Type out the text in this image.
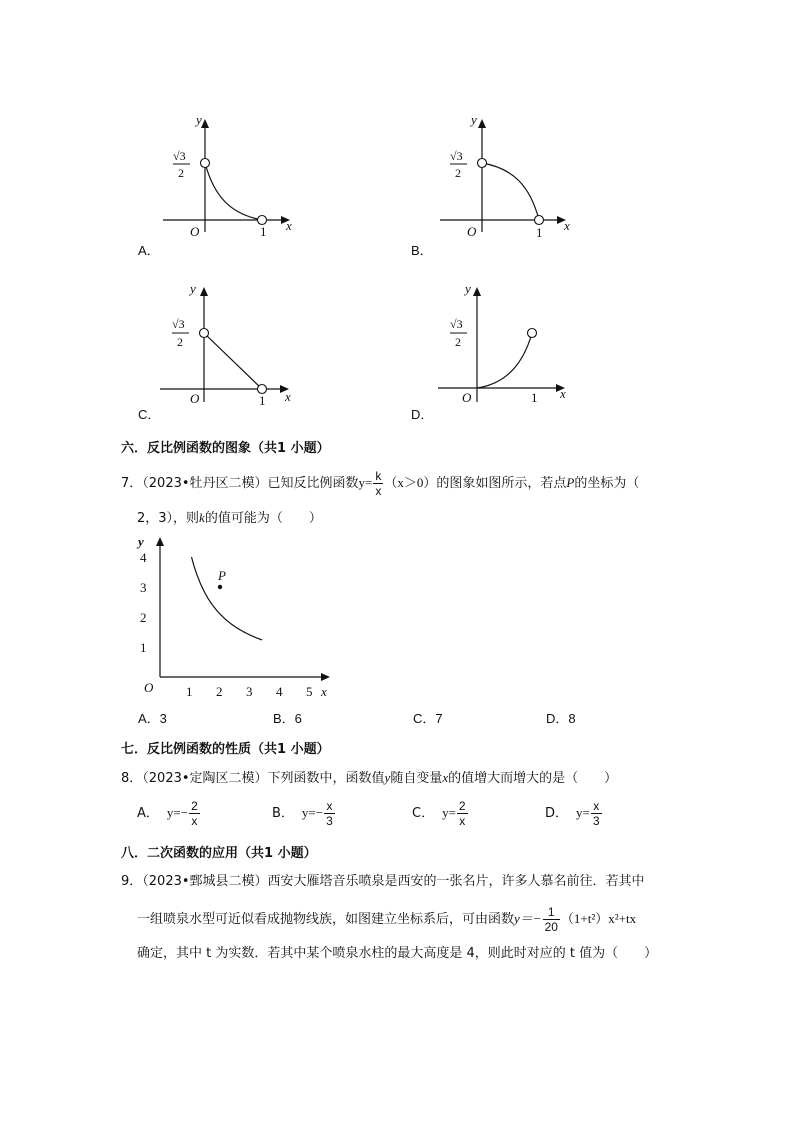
y
x
O
√3
2
1
A．
y
x
O
√3
2
1
B．
y
x
O
√3
2
1
C．
y
x
O
√3
2
1
D．
六．反比例函数的图象（共1 小题）
7．（2023•牡丹区二模）已知反比例函数$y= \frac{k}{x} (x>0)$的图象如图所示，若点P的坐标为（
2，3），则k的值可能为（　　）
y
x
O	1 2 3 4 5
1
2
3
4
P
A．3	B．6	C．7	D．8
七．反比例函数的性质（共1 小题）
8．（2023•定陶区二模）下列函数中，函数值y随自变量x的值增大而增大的是（　　）
A． $y=- \frac{2}{x}$	B． $y=- \frac{x}{3}$	C． $y= \frac{2}{x}$	D． $y= \frac{x}{3}$
八．二次函数的应用（共1 小题）
9．（2023•鄄城县二模）西安大雁塔音乐喷泉是西安的一张名片，许多人慕名前往．若其中
一组喷泉水型可近似看成抛物线族，如图建立坐标系后，可由函数$y=- \frac{1}{20} (1+t^2)x^2+tx$
确定，其中 t 为实数．若其中某个喷泉水柱的最大高度是 4，则此时对应的 t 值为（　　）
